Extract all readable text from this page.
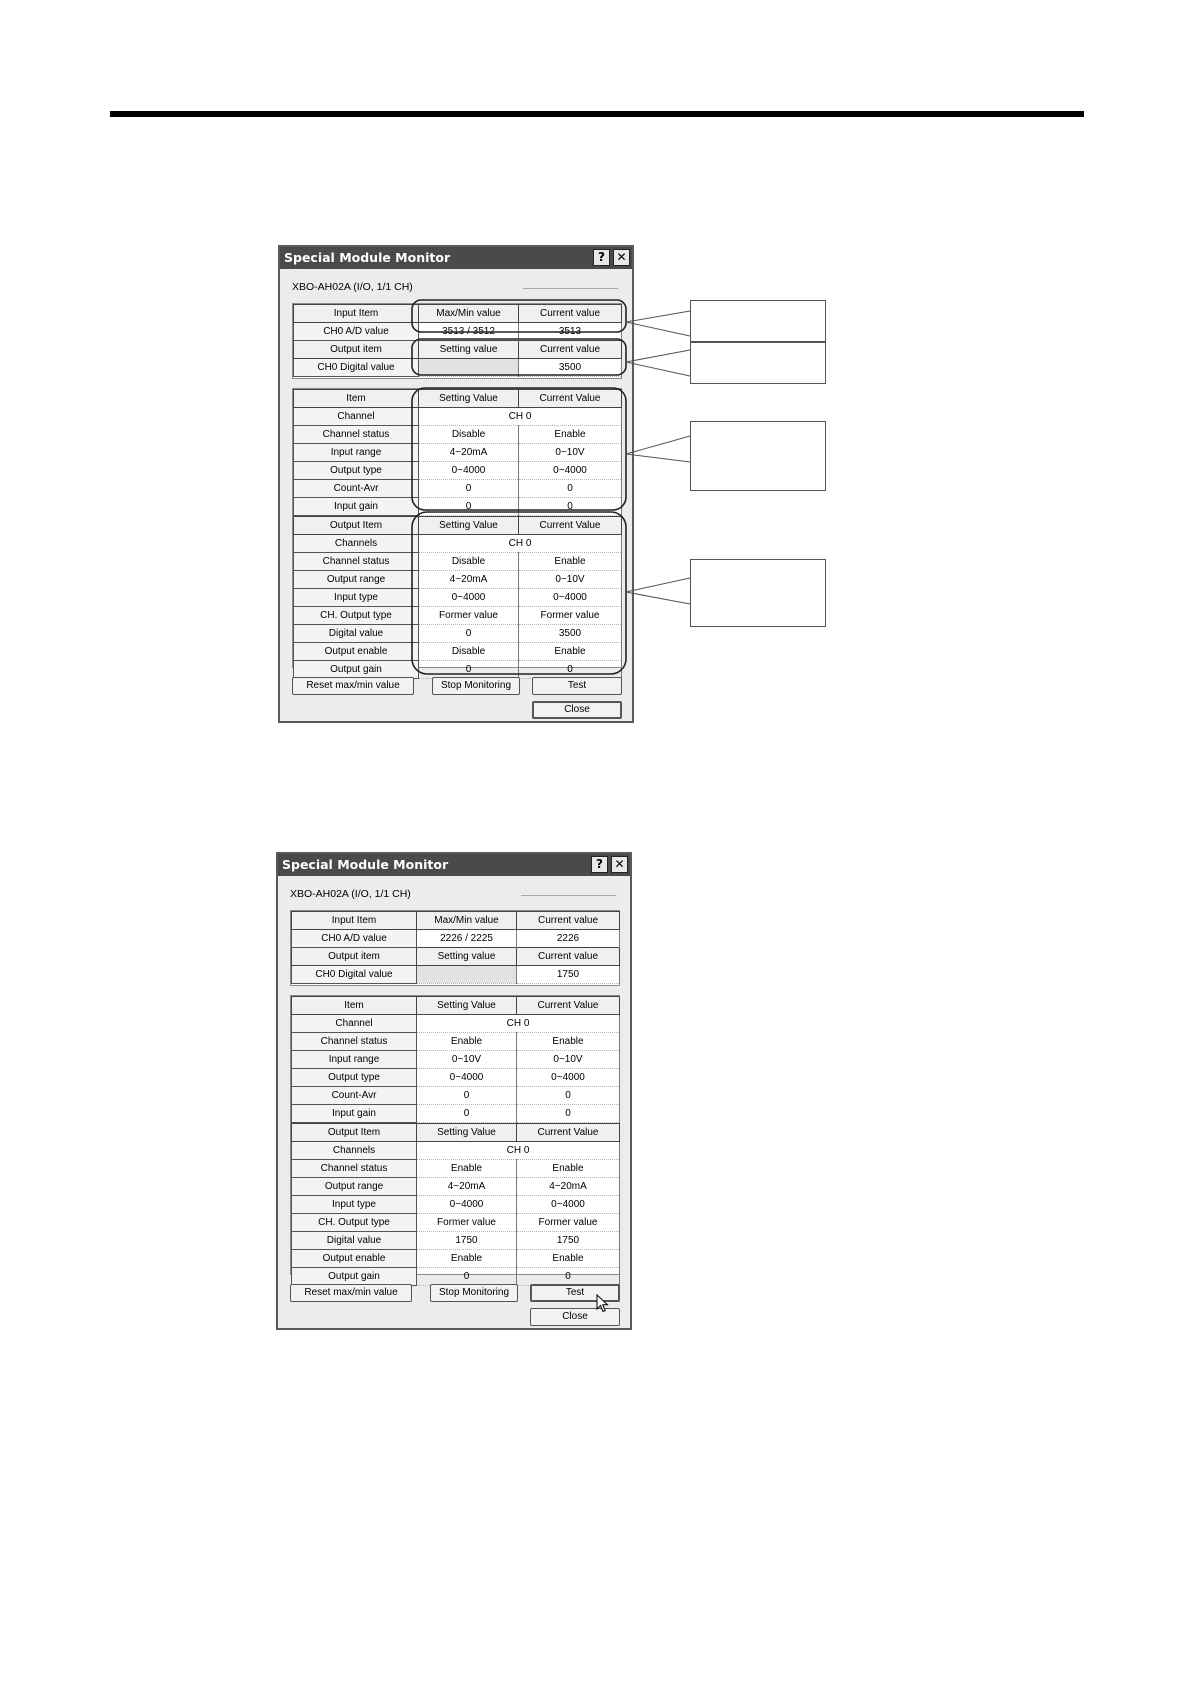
Special Module Monitor	? ✕
XBO-AH02A (I/O, 1/1 CH)
Input Item	Max/Min value	Current value
CH0 A/D value	3513 / 3512	3513
Output item	Setting value	Current value
CH0 Digital value		3500
Item	Setting Value	Current Value
Channel	CH 0	
Channel status	Disable	Enable
Input range	4~20mA	0~10V
Output type	0~4000	0~4000
Count-Avr	0	0
Input gain	0	0
Output Item	Setting Value	Current Value
Channels	CH 0	
Channel status	Disable	Enable
Output range	4~20mA	0~10V
Input type	0~4000	0~4000
CH. Output type	Former value	Former value
Digital value	0	3500
Output enable	Disable	Enable
Output gain	0	0
Reset max/min value	Stop Monitoring	Test
Close
Special Module Monitor	? ✕
XBO-AH02A (I/O, 1/1 CH)
Input Item	Max/Min value	Current value
CH0 A/D value	2226 / 2225	2226
Output item	Setting value	Current value
CH0 Digital value		1750
Item	Setting Value	Current Value
Channel	CH 0	
Channel status	Enable	Enable
Input range	0~10V	0~10V
Output type	0~4000	0~4000
Count-Avr	0	0
Input gain	0	0
Output Item	Setting Value	Current Value
Channels	CH 0	
Channel status	Enable	Enable
Output range	4~20mA	4~20mA
Input type	0~4000	0~4000
CH. Output type	Former value	Former value
Digital value	1750	1750
Output enable	Enable	Enable
Output gain	0	0
Reset max/min value	Stop Monitoring	Test
Close
